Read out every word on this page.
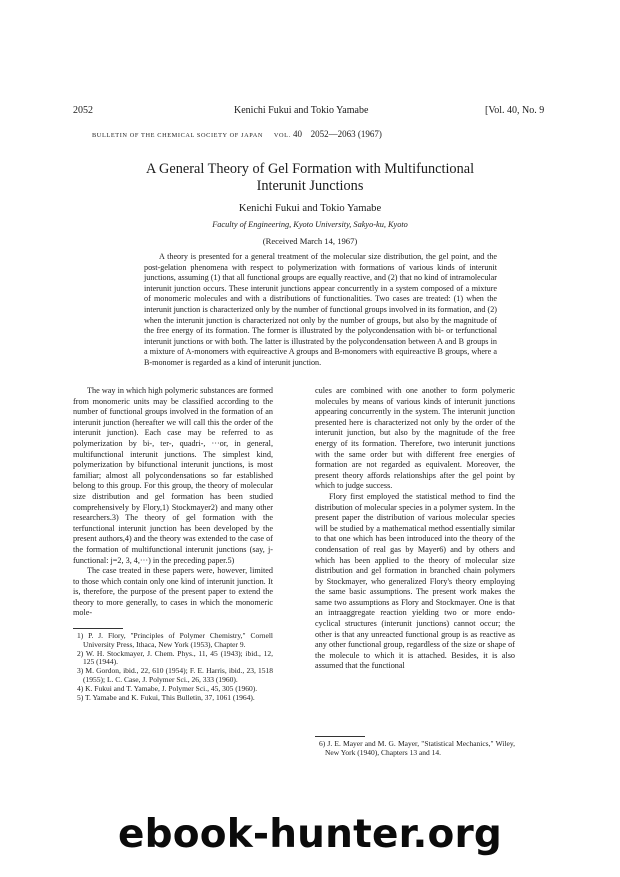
2052	Kenichi Fukui and Tokio Yamabe	[Vol. 40, No. 9
BULLETIN OF THE CHEMICAL SOCIETY OF JAPAN VOL. 40 2052—2063 (1967)
A General Theory of Gel Formation with Multifunctional
Interunit Junctions
Kenichi Fukui and Tokio Yamabe
Faculty of Engineering, Kyoto University, Sakyo-ku, Kyoto
(Received March 14, 1967)

A theory is presented for a general treatment of the molecular size distribution, the gel point, and the post-gelation phenomena with respect to polymerization with formations of various kinds of interunit junctions, assuming (1) that all functional groups are equally reactive, and (2) that no kind of intramolecular interunit junction occurs. These interunit junctions appear concurrently in a system composed of a mixture of monomeric molecules and with a distributions of functionalities. Two cases are treated: (1) when the interunit junction is characterized only by the number of functional groups involved in its formation, and (2) when the interunit junction is characterized not only by the number of groups, but also by the magnitude of the free energy of its formation. The former is illustrated by the polycondensation with bi- or terfunctional interunit junctions or with both. The latter is illustrated by the polycondensation between A and B groups in a mixture of A-monomers with equireactive A groups and B-monomers with equireactive B groups, where a B-monomer is regarded as a kind of interunit junction.

The way in which high polymeric substances are formed from monomeric units may be classified according to the number of functional groups involved in the formation of an interunit junction (hereafter we will call this the order of the interunit junction). Each case may be referred to as polymerization by bi-, ter-, quadri-, ···or, in general, multifunctional interunit junctions. The simplest kind, polymerization by bifunctional interunit junctions, is most familiar; almost all polycondensations so far established belong to this group. For this group, the theory of molecular size distribution and gel formation has been studied comprehensively by Flory,1) Stockmayer2) and many other researchers.3) The theory of gel formation with the terfunctional interunit junction has been developed by the present authors,4) and the theory was extended to the case of the formation of multifunctional interunit junctions (say, j-functional: j=2, 3, 4,···) in the preceding paper.5)

The case treated in these papers were, however, limited to those which contain only one kind of interunit junction. It is, therefore, the purpose of the present paper to extend the theory to more generally, to cases in which the monomeric mole-

1) P. J. Flory, "Principles of Polymer Chemistry," Cornell University Press, Ithaca, New York (1953), Chapter 9.

2) W. H. Stockmayer, J. Chem. Phys., 11, 45 (1943); ibid., 12, 125 (1944).

3) M. Gordon, ibid., 22, 610 (1954); F. E. Harris, ibid., 23, 1518 (1955); L. C. Case, J. Polymer Sci., 26, 333 (1960).

4) K. Fukui and T. Yamabe, J. Polymer Sci., 45, 305 (1960).

5) T. Yamabe and K. Fukui, This Bulletin, 37, 1061 (1964).

cules are combined with one another to form polymeric molecules by means of various kinds of interunit junctions appearing concurrently in the system. The interunit junction presented here is characterized not only by the order of the interunit junction, but also by the magnitude of the free energy of its formation. Therefore, two interunit junctions with the same order but with different free energies of formation are not regarded as equivalent. Moreover, the present theory affords relationships after the gel point by which to judge success.

Flory first employed the statistical method to find the distribution of molecular species in a polymer system. In the present paper the distribution of various molecular species will be studied by a mathematical method essentially similar to that one which has been introduced into the theory of the condensation of real gas by Mayer6) and by others and which has been applied to the theory of molecular size distribution and gel formation in branched chain polymers by Stockmayer, who generalized Flory's theory employing the same basic assumptions. The present work makes the same two assumptions as Flory and Stockmayer. One is that an intraaggregate reaction yielding two or more endo-cyclical structures (interunit junctions) cannot occur; the other is that any unreacted functional group is as reactive as any other functional group, regardless of the size or shape of the molecule to which it is attached. Besides, it is also assumed that the functional

6) J. E. Mayer and M. G. Mayer, "Statistical Mechanics," Wiley, New York (1940), Chapters 13 and 14.

ebook-hunter.org
